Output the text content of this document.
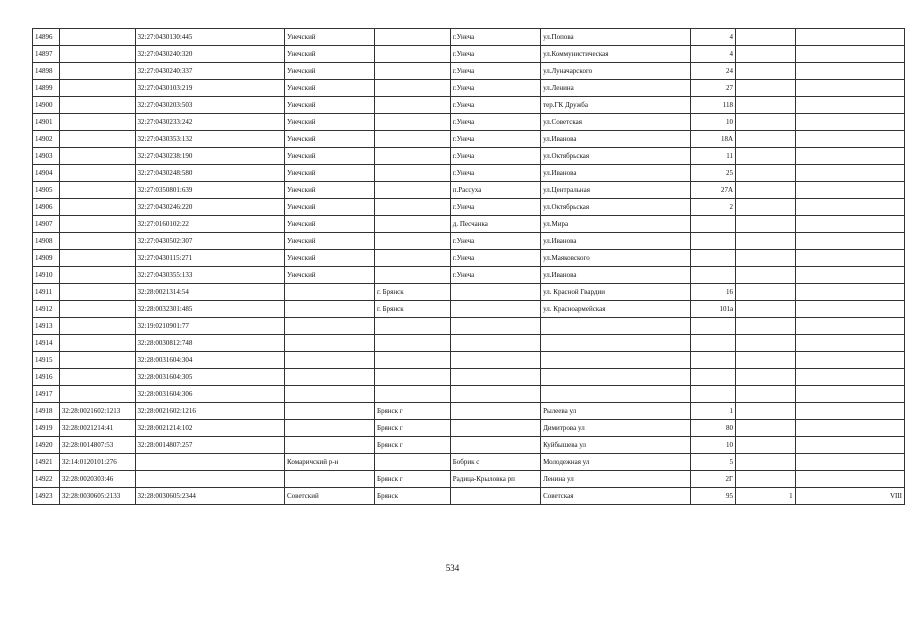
14896		32:27:0430130:445	Унечский		г.Унеча	ул.Попова	4		
14897		32:27:0430240:320	Унечский		г.Унеча	ул.Коммунистическая	4		
14898		32:27:0430240:337	Унечский		г.Унеча	ул.Луначарского	24		
14899		32:27:0430103:219	Унечский		г.Унеча	ул.Ленина	27		
14900		32:27:0430203:503	Унечский		г.Унеча	тер.ГК Дружба	118		
14901		32:27:0430233:242	Унечский		г.Унеча	ул.Советская	10		
14902		32:27:0430353:132	Унечский		г.Унеча	ул.Иванова	18А		
14903		32:27:0430238:190	Унечский		г.Унеча	ул.Октябрьская	11		
14904		32:27:0430248:580	Унечский		г.Унеча	ул.Иванова	25		
14905		32:27:0350801:639	Унечский		п.Рассуха	ул.Центральная	27А		
14906		32:27:0430246:220	Унечский		г.Унеча	ул.Октябрьская	2		
14907		32:27:0160102:22	Унечский		д. Песчанка	ул.Мира			
14908		32:27:0430502:307	Унечский		г.Унеча	ул.Иванова			
14909		32:27:0430115:271	Унечский		г.Унеча	ул.Маяковского			
14910		32:27:0430355:133	Унечский		г.Унеча	ул.Иванова			
14911		32:28:0021314:54		г. Брянск		ул. Красной Гвардии	16		
14912		32:28:0032301:485		г. Брянск		ул. Красноармейская	101а		
14913		32:19:0210901:77							
14914		32:28:0030812:748							
14915		32:28:0031604:304							
14916		32:28:0031604:305							
14917		32:28:0031604:306							
14918	32:28:0021602:1213	32:28:0021602:1216		Брянск г		Рылеева ул	1		
14919	32:28:0021214:41	32:28:0021214:102		Брянск г		Димитрова ул	80		
14920	32:28:0014807:53	32:28:0014807:257		Брянск г		Куйбышева ул	10		
14921	32:14:0120101:276		Комаричский р-н		Бобрик с	Молодежная ул	5		
14922	32:28:0020303:46			Брянск г	Радица-Крыловка рп	Ленина ул	2Г		
14923	32:28:0030605:2133	32:28:0030605:2344	Советский	Брянск		Советская	95	1	VIII
534
